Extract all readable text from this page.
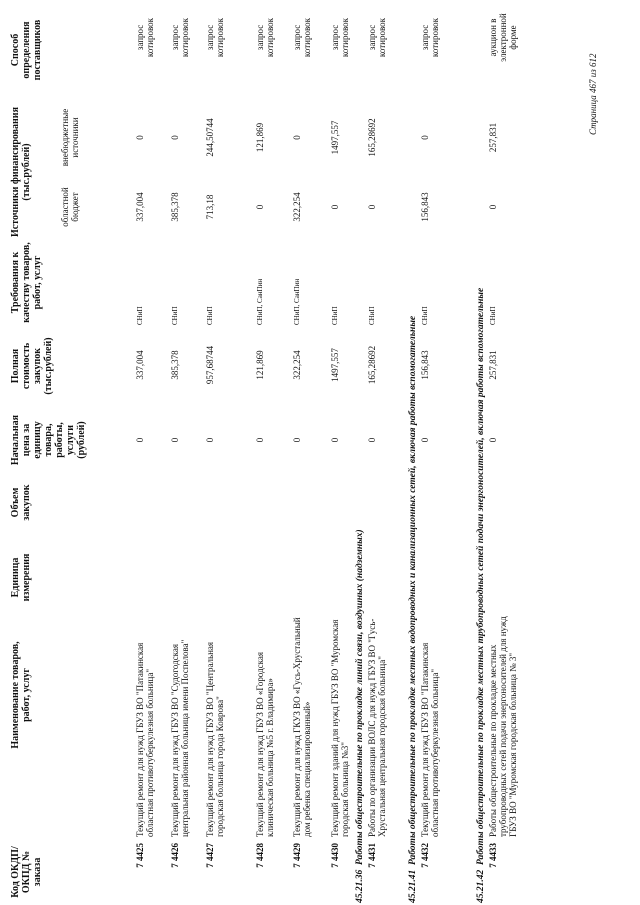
Код ОКДП/ ОКПД № заказа
Наименование товаров, работ, услуг
Единица измерения
Объем закупок
Начальная цена за единицу товара, работы, услуги (рублей)
Полная стоимость закупок (тыс.рублей)
Требования к качеству товаров, работ, услуг
Источники финансирования (тыс.рублей)
областной бюджет
внебюджетные источники
Способ определения поставщиков
7 4425
Текущий ремонт для нужд ГБУЗ ВО "Патакинская областная противотуберкулезная больница"
0
337,004
СНиП
337,004
0
запрос котировок
7 4426
Текущий ремонт для нужд ГБУЗ ВО "Судогодская центральная районная больница имени Поспелова"
0
385,378
СНиП
385,378
0
запрос котировок
7 4427
Текущий ремонт для нужд ГБУЗ ВО "Центральная городская больница города Коврова"
0
957,68744
СНиП
713,18
244,50744
запрос котировок
7 4428
Текущий ремонт для нужд ГБУЗ ВО «Городская клиническая больница №5 г. Владимира»
0
121,869
СНиП, СанПин
0
121,869
запрос котировок
7 4429
Текущий ремонт для нужд ГКУЗ ВО «Гусь-Хрустальный дом ребенка специализированный»
0
322,254
СНиП, СанПин
322,254
0
запрос котировок
7 4430
Текущий ремонт зданий для нужд ГБУЗ ВО "Муромская городская больница №3"
0
1497,557
СНиП
0
1497,557
запрос котировок
45.21.36  Работы общестроительные по прокладке линий связи, воздушных (надземных)
45.21.41  Работы общестроительные по прокладке местных водопроводных и канализационных сетей, включая работы вспомогательные
45.21.42  Работы общестроительные по прокладке местных трубопроводных сетей подачи энергоносителей, включая работы вспомогательные
7 4431
Работы по организации ВОЛС для нужд ГБУЗ ВО "Гусь-Хрустальная центральная городская больница"
0
165,28692
СНиП
0
165,28692
запрос котировок
7 4432
Текущий ремонт для нужд ГБУЗ ВО "Патакинская областная противотуберкулезная больница"
0
156,843
СНиП
156,843
0
запрос котировок
7 4433
Работы общестроительные по прокладке местных трубопроводных сетей подачи энергоносителей для нужд ГБУЗ ВО "Муромская городская больница № 3"
0
257,831
СНиП
0
257,831
аукцион в электронной форме
Страница 467 из 612
